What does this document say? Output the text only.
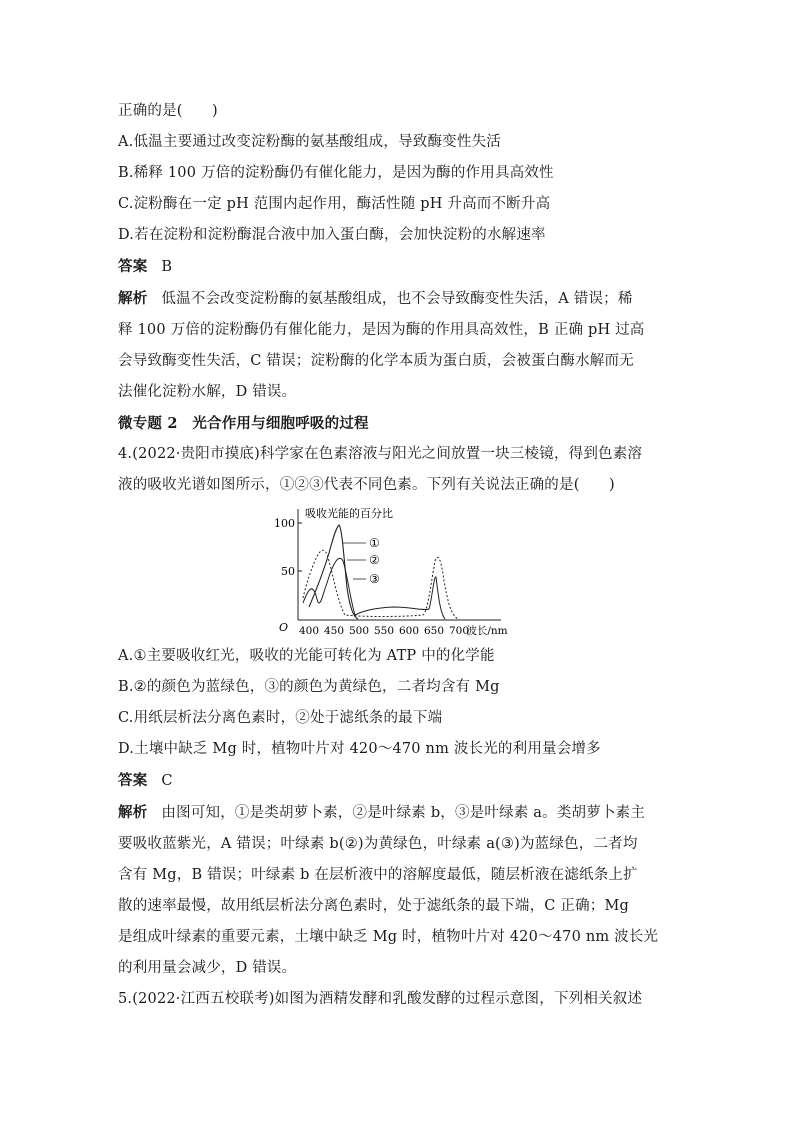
正确的是(　　)
A.低温主要通过改变淀粉酶的氨基酸组成，导致酶变性失活
B.稀释 100 万倍的淀粉酶仍有催化能力，是因为酶的作用具高效性
C.淀粉酶在一定 pH 范围内起作用，酶活性随 pH 升高而不断升高
D.若在淀粉和淀粉酶混合液中加入蛋白酶，会加快淀粉的水解速率
答案 B
解析 低温不会改变淀粉酶的氨基酸组成，也不会导致酶变性失活，A 错误；稀
释 100 万倍的淀粉酶仍有催化能力，是因为酶的作用具高效性，B 正确 pH 过高
会导致酶变性失活，C 错误；淀粉酶的化学本质为蛋白质，会被蛋白酶水解而无
法催化淀粉水解，D 错误。
微专题 2　光合作用与细胞呼吸的过程
4.(2022·贵阳市摸底)科学家在色素溶液与阳光之间放置一块三棱镜，得到色素溶
液的吸收光谱如图所示，①②③代表不同色素。下列有关说法正确的是(　　)
100
50
O
吸收光能的百分比
400 450 500 550 600 650 700
波长/nm
①
②
③
A.①主要吸收红光，吸收的光能可转化为 ATP 中的化学能
B.②的颜色为蓝绿色，③的颜色为黄绿色，二者均含有 Mg
C.用纸层析法分离色素时，②处于滤纸条的最下端
D.土壤中缺乏 Mg 时，植物叶片对 420～470 nm 波长光的利用量会增多
答案 C
解析 由图可知，①是类胡萝卜素，②是叶绿素 b，③是叶绿素 a。类胡萝卜素主
要吸收蓝紫光，A 错误；叶绿素 b(②)为黄绿色，叶绿素 a(③)为蓝绿色，二者均
含有 Mg，B 错误；叶绿素 b 在层析液中的溶解度最低，随层析液在滤纸条上扩
散的速率最慢，故用纸层析法分离色素时，处于滤纸条的最下端，C 正确；Mg
是组成叶绿素的重要元素，土壤中缺乏 Mg 时，植物叶片对 420～470 nm 波长光
的利用量会减少，D 错误。
5.(2022·江西五校联考)如图为酒精发酵和乳酸发酵的过程示意图，下列相关叙述
